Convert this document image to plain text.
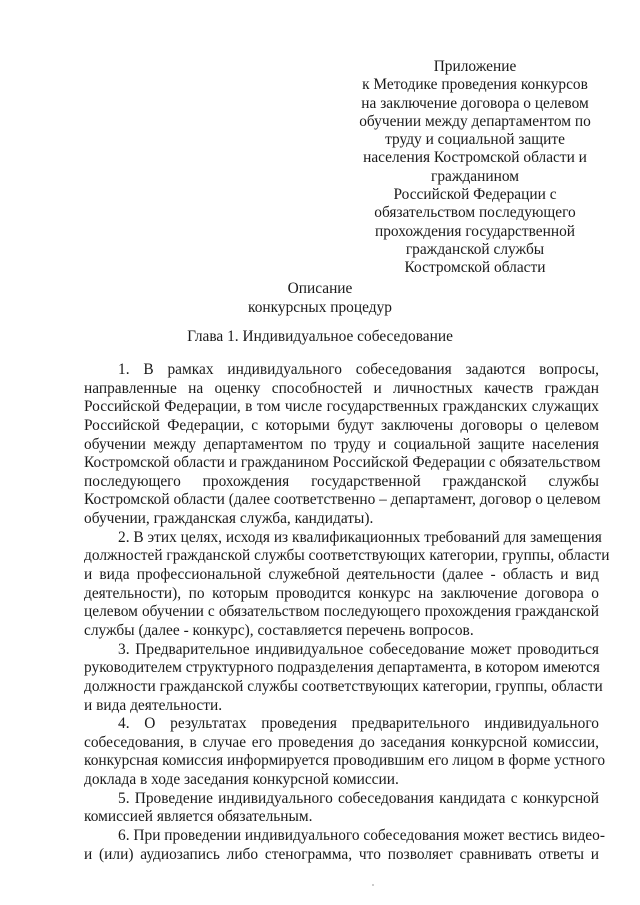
Приложение
к Методике проведения конкурсов
на заключение договора о целевом
обучении между департаментом по
труду и социальной защите
населения Костромской области и
гражданином
Российской Федерации с
обязательством последующего
прохождения государственной
гражданской службы
Костромской области
Описание
конкурсных процедур
Глава 1. Индивидуальное собеседование
1. В рамках индивидуального собеседования задаются вопросы,
направленные на оценку способностей и личностных качеств граждан
Российской Федерации, в том числе государственных гражданских служащих
Российской Федерации, с которыми будут заключены договоры о целевом
обучении между департаментом по труду и социальной защите населения
Костромской области и гражданином Российской Федерации с обязательством
последующего прохождения государственной гражданской службы
Костромской области (далее соответственно – департамент, договор о целевом
обучении, гражданская служба, кандидаты).
2. В этих целях, исходя из квалификационных требований для замещения
должностей гражданской службы соответствующих категории, группы, области
и вида профессиональной служебной деятельности (далее - область и вид
деятельности), по которым проводится конкурс на заключение договора о
целевом обучении с обязательством последующего прохождения гражданской
службы (далее - конкурс), составляется перечень вопросов.
3. Предварительное индивидуальное собеседование может проводиться
руководителем структурного подразделения департамента, в котором имеются
должности гражданской службы соответствующих категории, группы, области
и вида деятельности.
4. О результатах проведения предварительного индивидуального
собеседования, в случае его проведения до заседания конкурсной комиссии,
конкурсная комиссия информируется проводившим его лицом в форме устного
доклада в ходе заседания конкурсной комиссии.
5. Проведение индивидуального собеседования кандидата с конкурсной
комиссией является обязательным.
6. При проведении индивидуального собеседования может вестись видео-
и (или) аудиозапись либо стенограмма, что позволяет сравнивать ответы и
